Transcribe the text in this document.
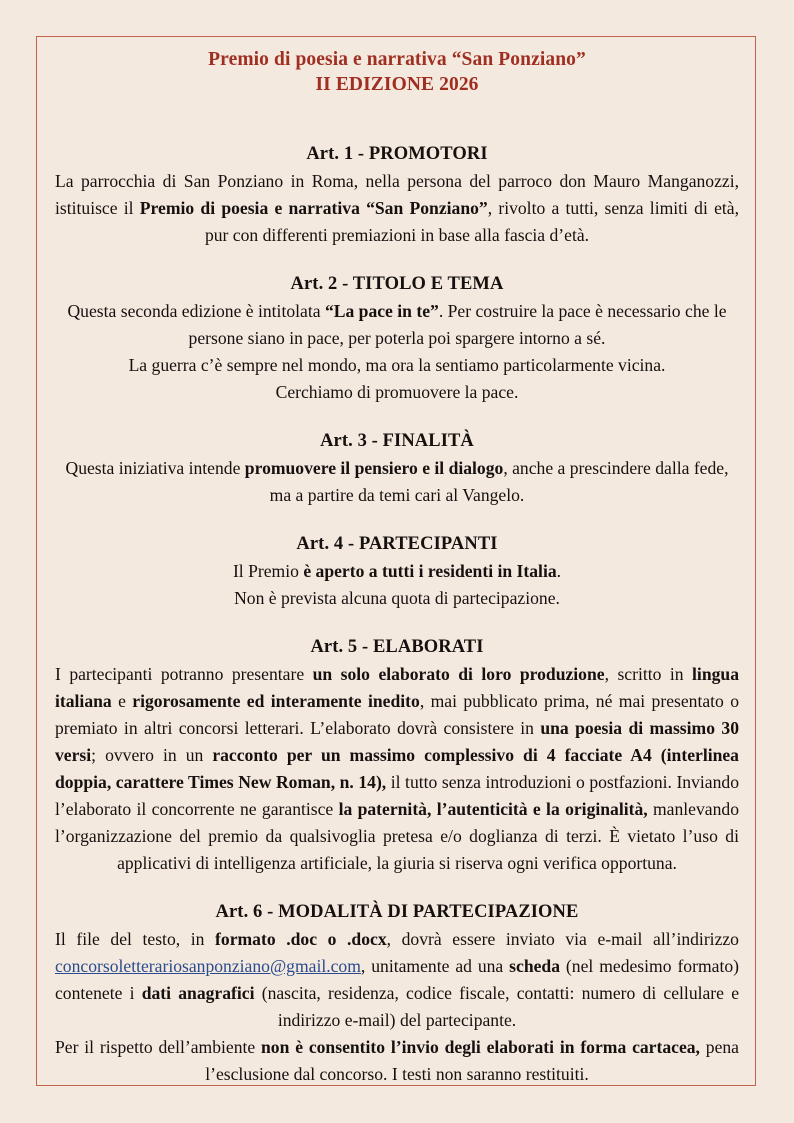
Premio di poesia e narrativa “San Ponziano”
II EDIZIONE 2026
Art. 1 - PROMOTORI

La parrocchia di San Ponziano in Roma, nella persona del parroco don Mauro Manganozzi, istituisce il Premio di poesia e narrativa “San Ponziano”, rivolto a tutti, senza limiti di età, pur con differenti premiazioni in base alla fascia d’età.

Art. 2 - TITOLO E TEMA

Questa seconda edizione è intitolata “La pace in te”. Per costruire la pace è necessario che le persone siano in pace, per poterla poi spargere intorno a sé.

La guerra c’è sempre nel mondo, ma ora la sentiamo particolarmente vicina.

Cerchiamo di promuovere la pace.

Art. 3 - FINALITÀ

Questa iniziativa intende promuovere il pensiero e il dialogo, anche a prescindere dalla fede, ma a partire da temi cari al Vangelo.

Art. 4 - PARTECIPANTI

Il Premio è aperto a tutti i residenti in Italia.

Non è prevista alcuna quota di partecipazione.

Art. 5 - ELABORATI

I partecipanti potranno presentare un solo elaborato di loro produzione, scritto in lingua italiana e rigorosamente ed interamente inedito, mai pubblicato prima, né mai presentato o premiato in altri concorsi letterari. L’elaborato dovrà consistere in una poesia di massimo 30 versi; ovvero in un racconto per un massimo complessivo di 4 facciate A4 (interlinea doppia, carattere Times New Roman, n. 14), il tutto senza introduzioni o postfazioni. Inviando l’elaborato il concorrente ne garantisce la paternità, l’autenticità e la originalità, manlevando l’organizzazione del premio da qualsivoglia pretesa e/o doglianza di terzi. È vietato l’uso di applicativi di intelligenza artificiale, la giuria si riserva ogni verifica opportuna.

Art. 6 - MODALITÀ DI PARTECIPAZIONE

Il file del testo, in formato .doc o .docx, dovrà essere inviato via e-mail all’indirizzo concorsoletterariosanponziano@gmail.com, unitamente ad una scheda (nel medesimo formato) contenete i dati anagrafici (nascita, residenza, codice fiscale, contatti: numero di cellulare e indirizzo e-mail) del partecipante.

Per il rispetto dell’ambiente non è consentito l’invio degli elaborati in forma cartacea, pena l’esclusione dal concorso. I testi non saranno restituiti.
